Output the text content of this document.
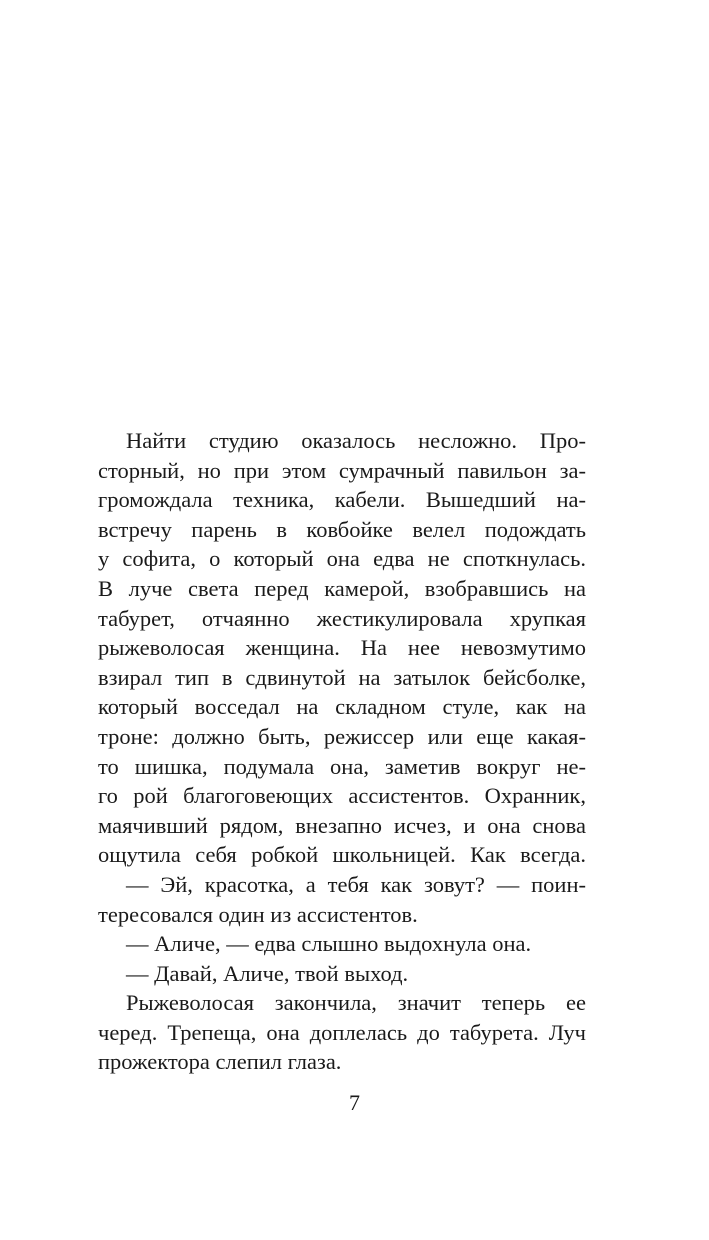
Найти студию оказалось несложно. Про-
сторный, но при этом сумрачный павильон за-
громождала техника, кабели. Вышедший на-
встречу парень в ковбойке велел подождать
у софита, о который она едва не споткнулась.
В луче света перед камерой, взобравшись на
табурет, отчаянно жестикулировала хрупкая
рыжеволосая женщина. На нее невозмутимо
взирал тип в сдвинутой на затылок бейсболке,
который восседал на складном стуле, как на
троне: должно быть, режиссер или еще какая-
то шишка, подумала она, заметив вокруг не-
го рой благоговеющих ассистентов. Охранник,
маячивший рядом, внезапно исчез, и она снова
ощутила себя робкой школьницей. Как всегда.
— Эй, красотка, а тебя как зовут? — поин-
тересовался один из ассистентов.
— Аличе, — едва слышно выдохнула она.
— Давай, Аличе, твой выход.
Рыжеволосая закончила, значит теперь ее
черед. Трепеща, она доплелась до табурета. Луч
прожектора слепил глаза.
7
